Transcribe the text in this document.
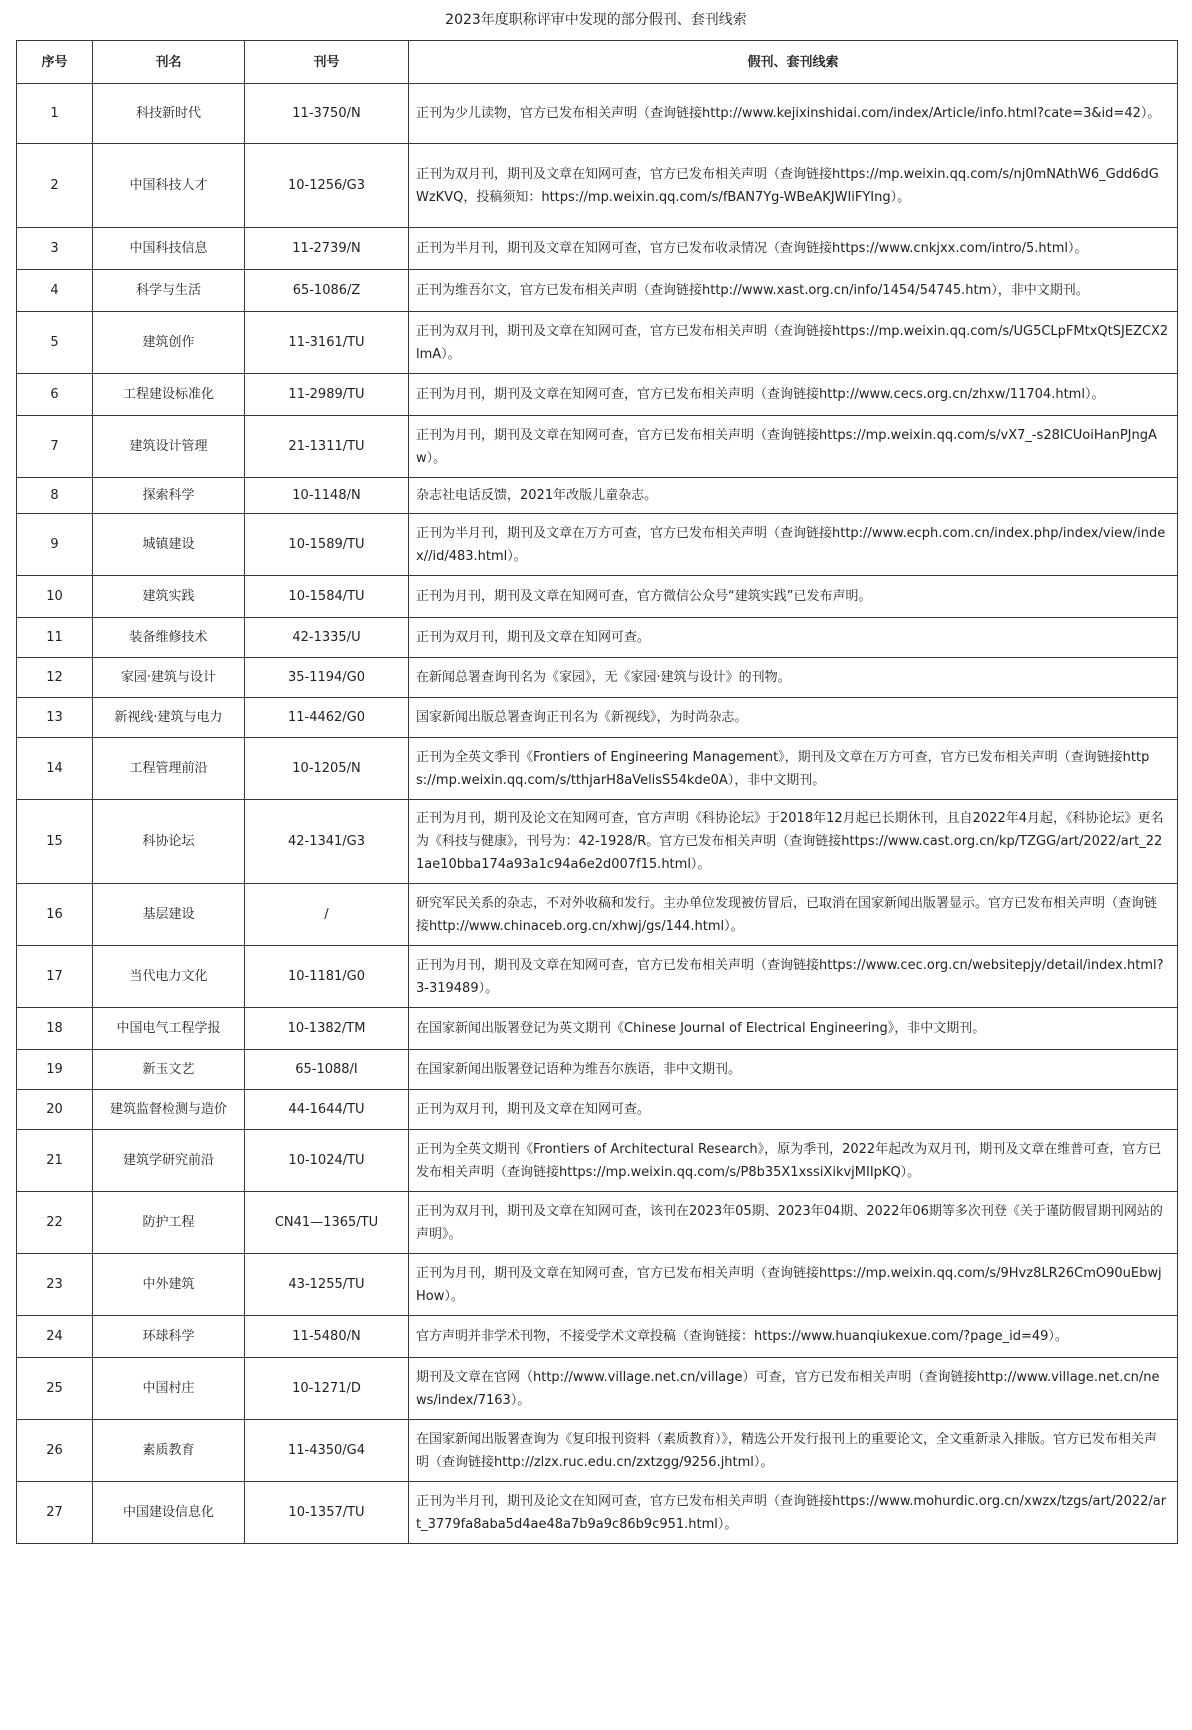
2023年度职称评审中发现的部分假刊、套刊线索
序号	刊名	刊号	假刊、套刊线索
1	科技新时代	11-3750/N	正刊为少儿读物，官方已发布相关声明（查询链接http://www.kejixinshidai.com/index/Article/info.html?cate=3&id=42）。
2	中国科技人才	10-1256/G3	正刊为双月刊，期刊及文章在知网可查，官方已发布相关声明（查询链接https://mp.weixin.qq.com/s/nj0mNAthW6_Gdd6dGWzKVQ，投稿须知：https://mp.weixin.qq.com/s/fBAN7Yg-WBeAKJWIiFYIng）。
3	中国科技信息	11-2739/N	正刊为半月刊，期刊及文章在知网可查，官方已发布收录情况（查询链接https://www.cnkjxx.com/intro/5.html）。
4	科学与生活	65-1086/Z	正刊为维吾尔文，官方已发布相关声明（查询链接http://www.xast.org.cn/info/1454/54745.htm），非中文期刊。
5	建筑创作	11-3161/TU	正刊为双月刊，期刊及文章在知网可查，官方已发布相关声明（查询链接https://mp.weixin.qq.com/s/UG5CLpFMtxQtSJEZCX2lmA）。
6	工程建设标准化	11-2989/TU	正刊为月刊，期刊及文章在知网可查，官方已发布相关声明（查询链接http://www.cecs.org.cn/zhxw/11704.html）。
7	建筑设计管理	21-1311/TU	正刊为月刊，期刊及文章在知网可查，官方已发布相关声明（查询链接https://mp.weixin.qq.com/s/vX7_-s28ICUoiHanPJngAw）。
8	探索科学	10-1148/N	杂志社电话反馈，2021年改版儿童杂志。
9	城镇建设	10-1589/TU	正刊为半月刊，期刊及文章在万方可查，官方已发布相关声明（查询链接http://www.ecph.com.cn/index.php/index/view/index//id/483.html）。
10	建筑实践	10-1584/TU	正刊为月刊，期刊及文章在知网可查，官方微信公众号“建筑实践”已发布声明。
11	装备维修技术	42-1335/U	正刊为双月刊，期刊及文章在知网可查。
12	家园·建筑与设计	35-1194/G0	在新闻总署查询刊名为《家园》，无《家园·建筑与设计》的刊物。
13	新视线·建筑与电力	11-4462/G0	国家新闻出版总署查询正刊名为《新视线》，为时尚杂志。
14	工程管理前沿	10-1205/N	正刊为全英文季刊《Frontiers of Engineering Management》，期刊及文章在万方可查，官方已发布相关声明（查询链接https://mp.weixin.qq.com/s/tthjarH8aVelisS54kde0A），非中文期刊。
15	科协论坛	42-1341/G3	正刊为月刊，期刊及论文在知网可查，官方声明《科协论坛》于2018年12月起已长期休刊，且自2022年4月起，《科协论坛》更名为《科技与健康》，刊号为：42-1928/R。官方已发布相关声明（查询链接https://www.cast.org.cn/kp/TZGG/art/2022/art_221ae10bba174a93a1c94a6e2d007f15.html）。
16	基层建设	/	研究军民关系的杂志，不对外收稿和发行。主办单位发现被仿冒后，已取消在国家新闻出版署显示。官方已发布相关声明（查询链接http://www.chinaceb.org.cn/xhwj/gs/144.html）。
17	当代电力文化	10-1181/G0	正刊为月刊，期刊及文章在知网可查，官方已发布相关声明（查询链接https://www.cec.org.cn/websitepjy/detail/index.html?3-319489）。
18	中国电气工程学报	10-1382/TM	在国家新闻出版署登记为英文期刊《Chinese Journal of Electrical Engineering》，非中文期刊。
19	新玉文艺	65-1088/I	在国家新闻出版署登记语种为维吾尔族语，非中文期刊。
20	建筑监督检测与造价	44-1644/TU	正刊为双月刊，期刊及文章在知网可查。
21	建筑学研究前沿	10-1024/TU	正刊为全英文期刊《Frontiers of Architectural Research》，原为季刊，2022年起改为双月刊，期刊及文章在维普可查，官方已发布相关声明（查询链接https://mp.weixin.qq.com/s/P8b35X1xssiXikvjMIIpKQ）。
22	防护工程	CN41—1365/TU	正刊为双月刊，期刊及文章在知网可查，该刊在2023年05期、2023年04期、2022年06期等多次刊登《关于谨防假冒期刊网站的声明》。
23	中外建筑	43-1255/TU	正刊为月刊，期刊及文章在知网可查，官方已发布相关声明（查询链接https://mp.weixin.qq.com/s/9Hvz8LR26CmO90uEbwjHow）。
24	环球科学	11-5480/N	官方声明并非学术刊物，不接受学术文章投稿（查询链接：https://www.huanqiukexue.com/?page_id=49）。
25	中国村庄	10-1271/D	期刊及文章在官网（http://www.village.net.cn/village）可查，官方已发布相关声明（查询链接http://www.village.net.cn/news/index/7163）。
26	素质教育	11-4350/G4	在国家新闻出版署查询为《复印报刊资料（素质教育）》，精选公开发行报刊上的重要论文，全文重新录入排版。官方已发布相关声明（查询链接http://zlzx.ruc.edu.cn/zxtzgg/9256.jhtml）。
27	中国建设信息化	10-1357/TU	正刊为半月刊，期刊及论文在知网可查，官方已发布相关声明（查询链接https://www.mohurdic.org.cn/xwzx/tzgs/art/2022/art_3779fa8aba5d4ae48a7b9a9c86b9c951.html）。
